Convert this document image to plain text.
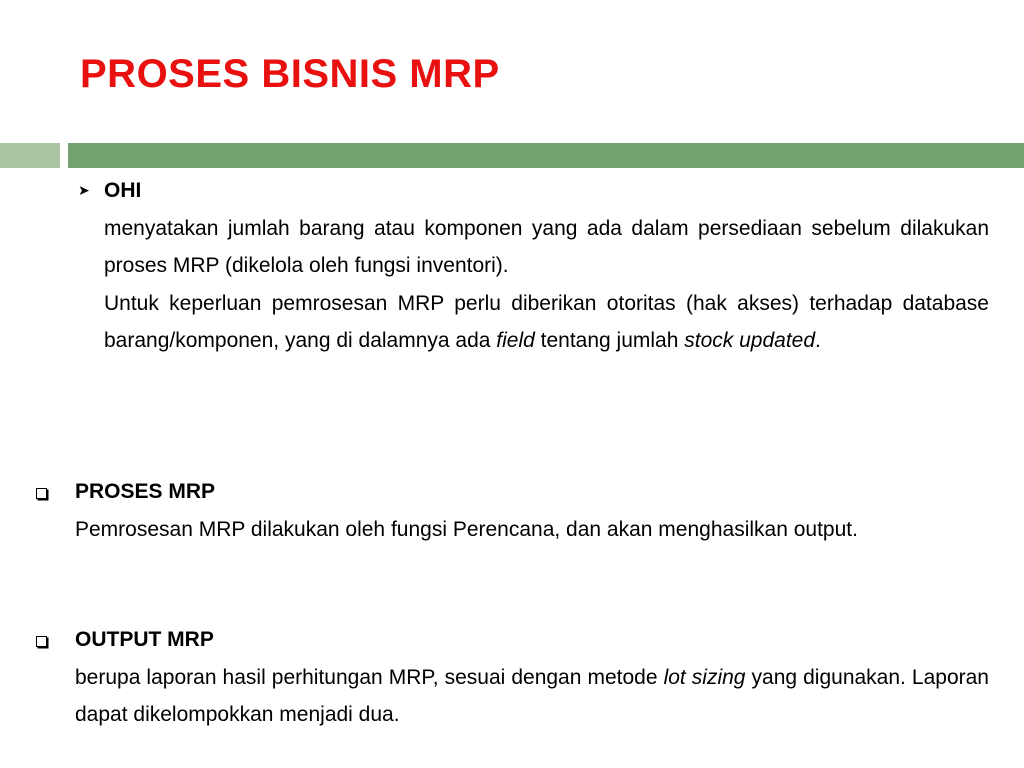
PROSES BISNIS MRP
➤ OHI
menyatakan jumlah barang atau komponen yang ada dalam persediaan sebelum dilakukan proses MRP (dikelola oleh fungsi inventori).
Untuk keperluan pemrosesan MRP perlu diberikan otoritas (hak akses) terhadap database barang/komponen, yang di dalamnya ada field tentang jumlah stock updated.
PROSES MRP
Pemrosesan MRP dilakukan oleh fungsi Perencana, dan akan menghasilkan output.
OUTPUT MRP
berupa laporan hasil perhitungan MRP, sesuai dengan metode lot sizing yang digunakan. Laporan dapat dikelompokkan menjadi dua.
